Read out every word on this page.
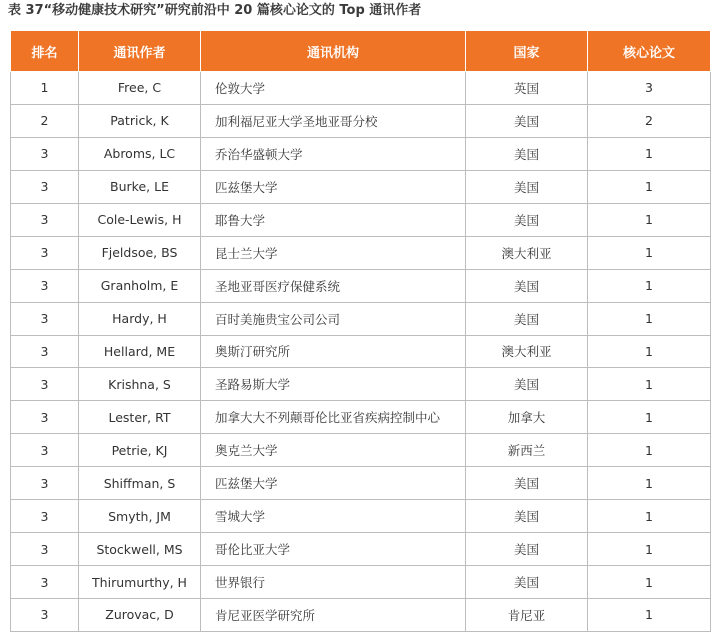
表 37“移动健康技术研究”研究前沿中 20 篇核心论文的 Top 通讯作者
排名	通讯作者	通讯机构	国家	核心论文
1	Free, C	伦敦大学	英国	3
2	Patrick, K	加利福尼亚大学圣地亚哥分校	美国	2
3	Abroms, LC	乔治华盛顿大学	美国	1
3	Burke, LE	匹兹堡大学	美国	1
3	Cole-Lewis, H	耶鲁大学	美国	1
3	Fjeldsoe, BS	昆士兰大学	澳大利亚	1
3	Granholm, E	圣地亚哥医疗保健系统	美国	1
3	Hardy, H	百时美施贵宝公司公司	美国	1
3	Hellard, ME	奥斯汀研究所	澳大利亚	1
3	Krishna, S	圣路易斯大学	美国	1
3	Lester, RT	加拿大大不列颠哥伦比亚省疾病控制中心	加拿大	1
3	Petrie, KJ	奥克兰大学	新西兰	1
3	Shiffman, S	匹兹堡大学	美国	1
3	Smyth, JM	雪城大学	美国	1
3	Stockwell, MS	哥伦比亚大学	美国	1
3	Thirumurthy, H	世界银行	美国	1
3	Zurovac, D	肯尼亚医学研究所	肯尼亚	1
